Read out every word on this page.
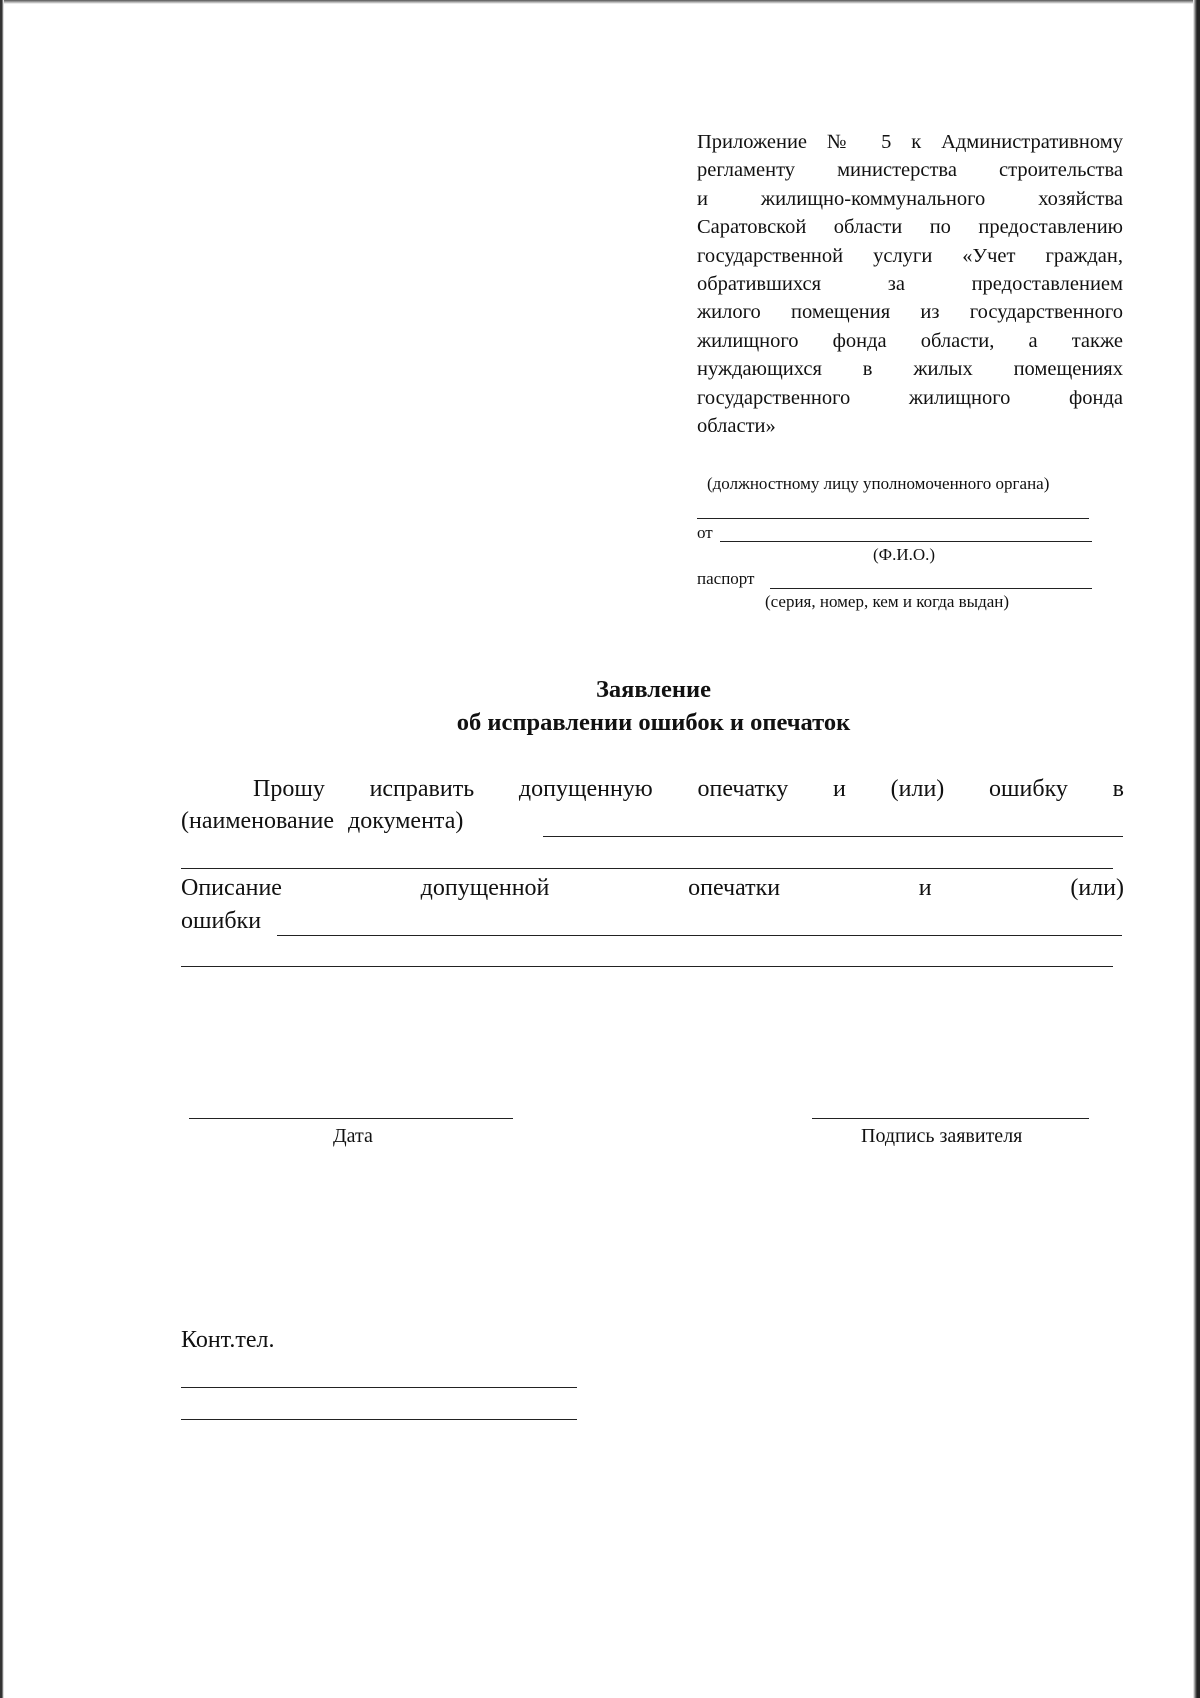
Приложение № 5 к Административному
регламенту министерства строительства
и жилищно-коммунального хозяйства
Саратовской области по предоставлению
государственной услуги «Учет граждан,
обратившихся за предоставлением
жилого помещения из государственного
жилищного фонда области, а также
нуждающихся в жилых помещениях
государственного жилищного фонда
области»
(должностному лицу уполномоченного органа)
от
(Ф.И.О.)
паспорт
(серия, номер, кем и когда выдан)
Заявление
об исправлении ошибок и опечаток
Прошу исправить допущенную опечатку и (или) ошибку в
(наименование документа)
Описание	допущенной	опечатки	и	(или)
ошибки
Дата	Подпись заявителя
Конт.тел.
